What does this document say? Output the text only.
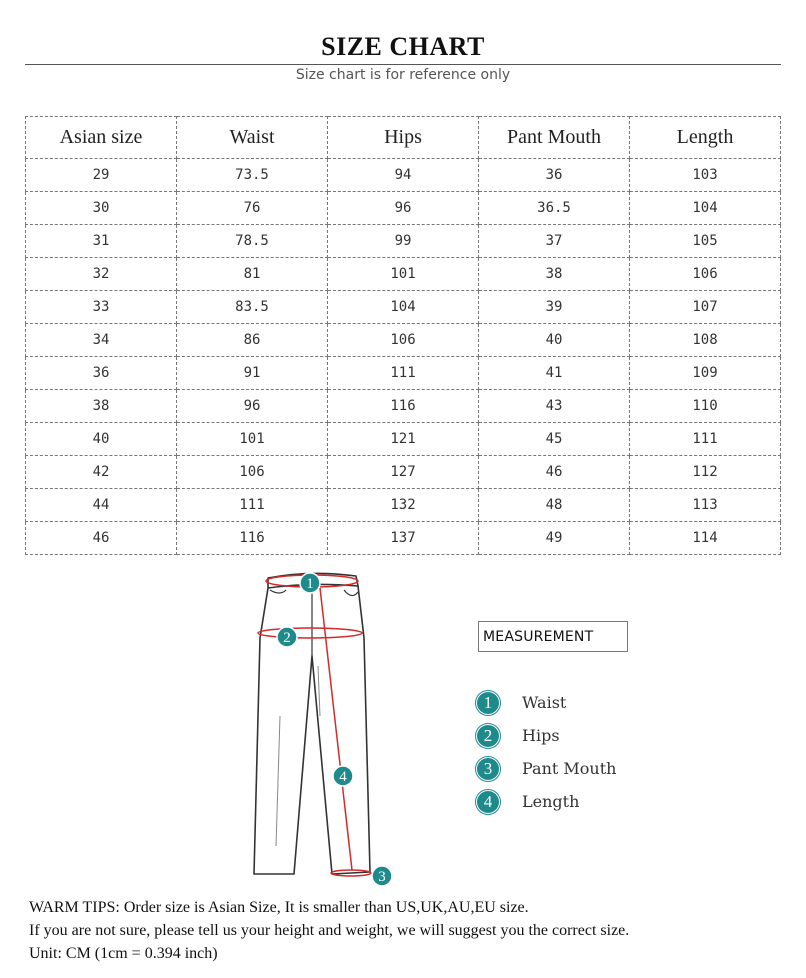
SIZE CHART
Size chart is for reference only
Asian size	Waist	Hips	Pant Mouth	Length
29	73.5	94	36	103
30	76	96	36.5	104
31	78.5	99	37	105
32	81	101	38	106
33	83.5	104	39	107
34	86	106	40	108
36	91	111	41	109
38	96	116	43	110
40	101	121	45	111
42	106	127	46	112
44	111	132	48	113
46	116	137	49	114
1
2
4
3
MEASUREMENT
1	Waist
2	Hips
3	Pant Mouth
4	Length
WARM TIPS: Order size is Asian Size, It is smaller than US,UK,AU,EU size.
If you are not sure, please tell us your height and weight, we will suggest you the correct size.
Unit: CM (1cm = 0.394 inch)
